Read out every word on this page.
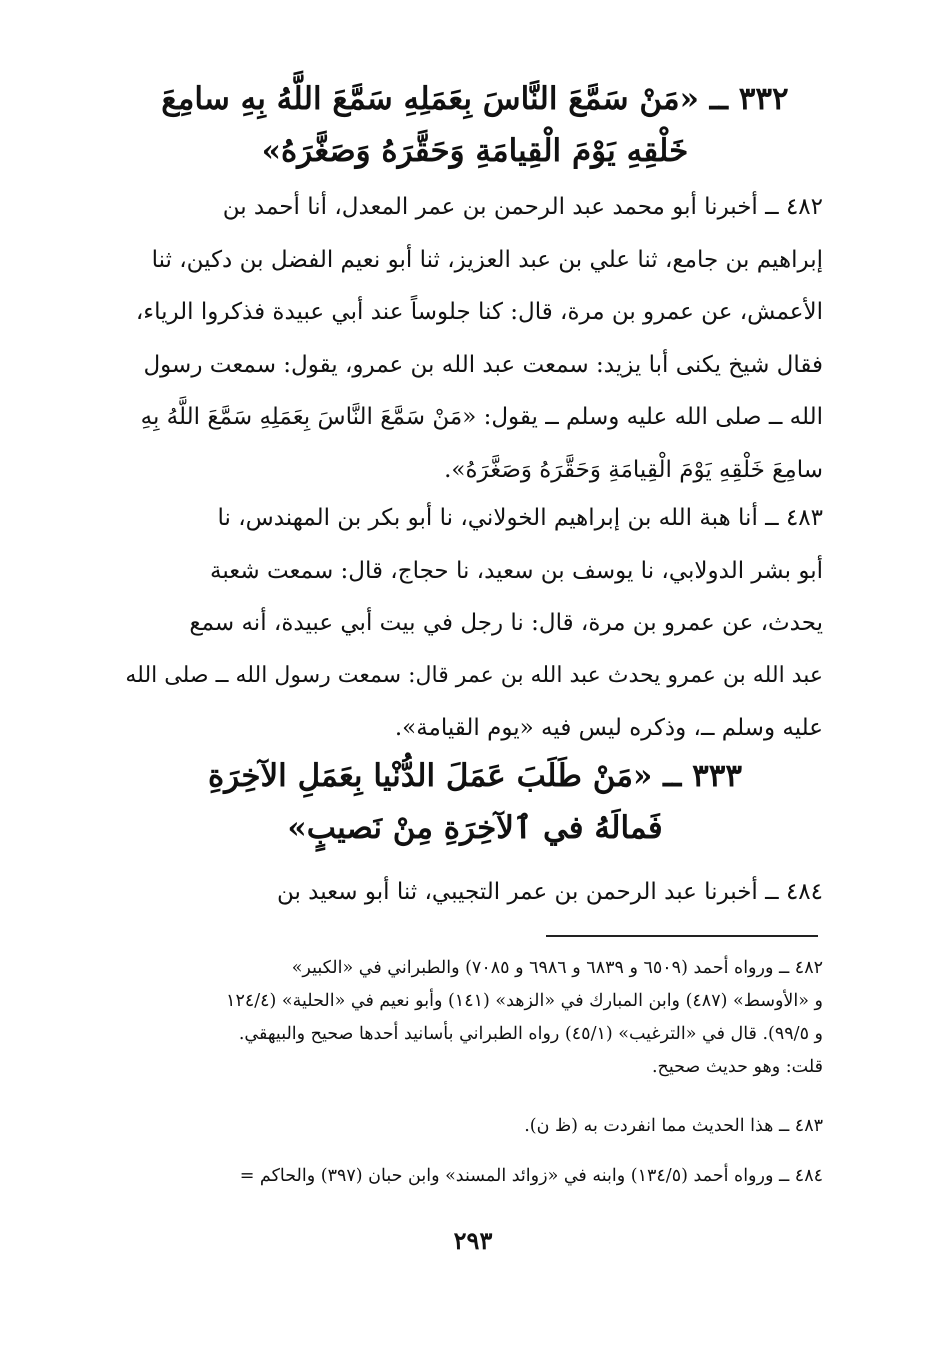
٣٣٢ ــ «مَنْ سَمَّعَ النَّاسَ بِعَمَلِهِ سَمَّعَ اللَّهُ بِهِ سامِعَ
خَلْقِهِ يَوْمَ الْقِيامَةِ وَحَقَّرَهُ وَصَغَّرَهُ»
٤٨٢ ــ أخبرنا أبو محمد عبد الرحمن بن عمر المعدل، أنا أحمد بن
إبراهيم بن جامع، ثنا علي بن عبد العزيز، ثنا أبو نعيم الفضل بن دكين، ثنا
الأعمش، عن عمرو بن مرة، قال: كنا جلوساً عند أبي عبيدة فذكروا الرياء،
فقال شيخ يكنى أبا يزيد: سمعت عبد الله بن عمرو، يقول: سمعت رسول
الله ــ صلى الله عليه وسلم ــ يقول: «مَنْ سَمَّعَ النَّاسَ بِعَمَلِهِ سَمَّعَ اللَّهُ بِهِ
سامِعَ خَلْقِهِ يَوْمَ الْقِيامَةِ وَحَقَّرَهُ وَصَغَّرَهُ».
٤٨٣ ــ أنا هبة الله بن إبراهيم الخولاني، نا أبو بكر بن المهندس، نا
أبو بشر الدولابي، نا يوسف بن سعيد، نا حجاج، قال: سمعت شعبة
يحدث، عن عمرو بن مرة، قال: نا رجل في بيت أبي عبيدة، أنه سمع
عبد الله بن عمرو يحدث عبد الله بن عمر قال: سمعت رسول الله ــ صلى الله
عليه وسلم ــ، وذكره ليس فيه «يوم القيامة».
٣٣٣ ــ «مَنْ طَلَبَ عَمَلَ الدُّنْيا بِعَمَلِ الآخِرَةِ
فَمالَهُ في ٱلآخِرَةِ مِنْ نَصيبٍ»
٤٨٤ ــ أخبرنا عبد الرحمن بن عمر التجيبي، ثنا أبو سعيد بن
٤٨٢ ــ ورواه أحمد (٦٥٠٩ و ٦٨٣٩ و ٦٩٨٦ و ٧٠٨٥) والطبراني في «الكبير»
و «الأوسط» (٤٨٧) وابن المبارك في «الزهد» (١٤١) وأبو نعيم في «الحلية» (١٢٤/٤
و ٩٩/٥). قال في «الترغيب» (٤٥/١) رواه الطبراني بأسانيد أحدها صحيح والبيهقي.
قلت: وهو حديث صحيح.
٤٨٣ ــ هذا الحديث مما انفردت به (ظ ن).
٤٨٤ ــ ورواه أحمد (١٣٤/٥) وابنه في «زوائد المسند» وابن حبان (٣٩٧) والحاكم =
٢٩٣
